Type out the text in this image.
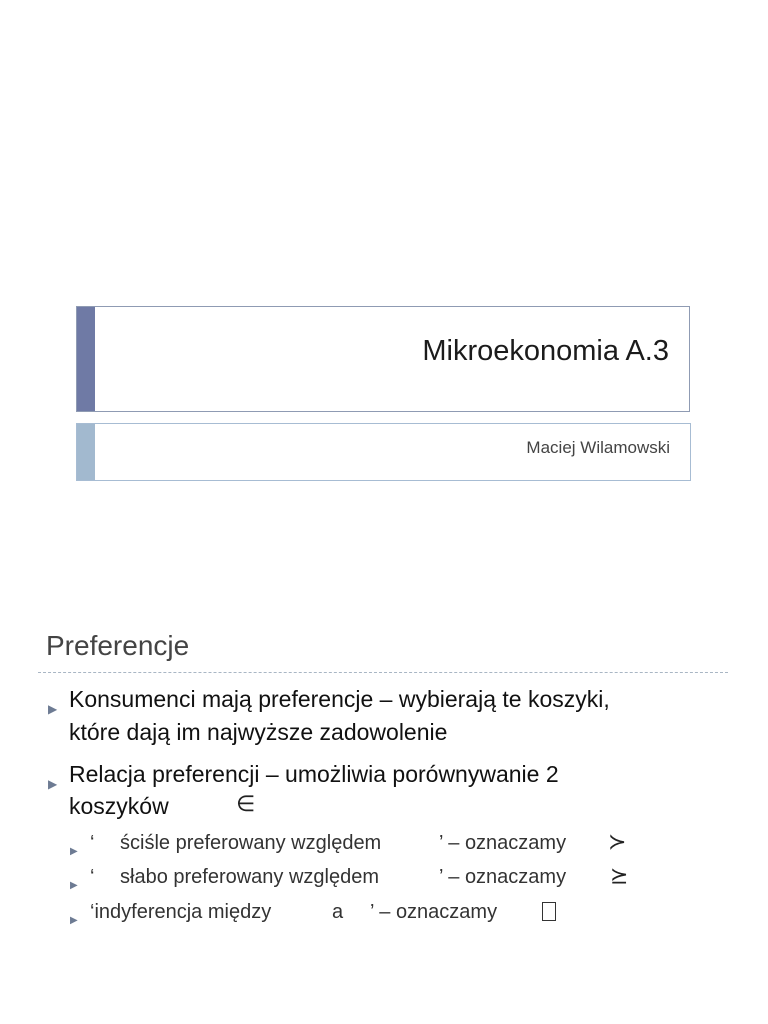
Mikroekonomia A.3
Maciej Wilamowski
Preferencje
▶ Konsumenci mają preferencje – wybierają te koszyki,
które dają im najwyższe zadowolenie
▶ Relacja preferencji – umożliwia porównywanie 2
koszyków	∈
▶ ‘ ściśle preferowany względem	’ – oznaczamy ≻
▶ ‘ słabo preferowany względem	’ – oznaczamy ⪰
▶ ‘indyferencja między	a ’ – oznaczamy
